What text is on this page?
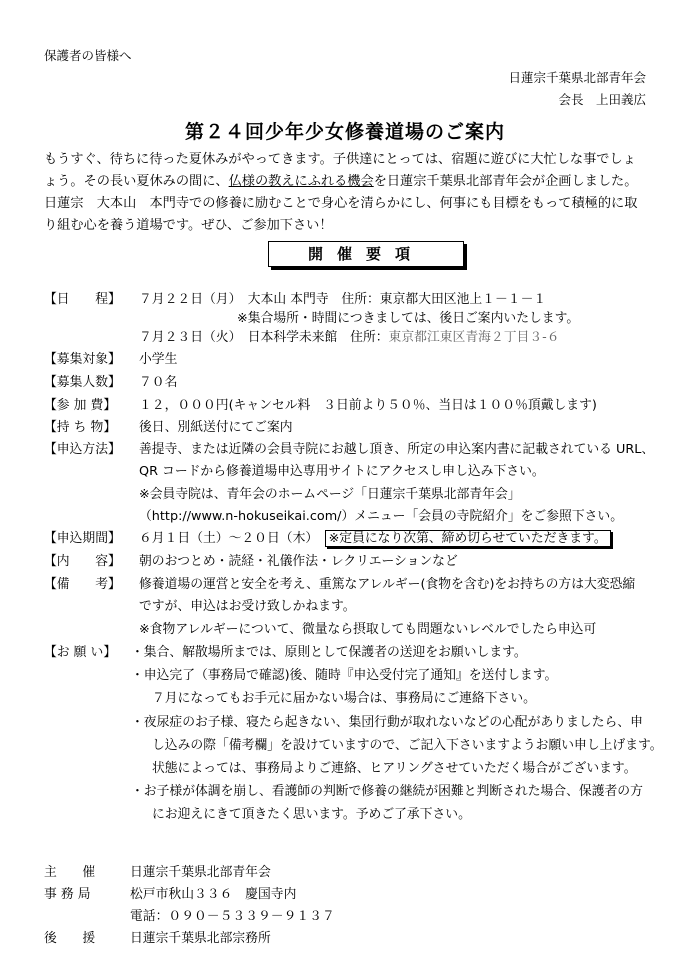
保護者の皆様へ
日蓮宗千葉県北部青年会
会長　上田義広
第２４回少年少女修養道場のご案内

もうすぐ、待ちに待った夏休みがやってきます。子供達にとっては、宿題に遊びに大忙しな事でしょ

ょう。その長い夏休みの間に、仏様の教えにふれる機会を日蓮宗千葉県北部青年会が企画しました。

日蓮宗　大本山　本門寺での修養に励むことで身心を清らかにし、何事にも目標をもって積極的に取

り組む心を養う道場です。ぜひ、ご参加下さい！

開催要項
【日　　程】 ７月２２日（月）　大本山 本門寺　住所：東京都大田区池上１－１－１
※集合場所・時間につきましては、後日ご案内いたします。
７月２３日（火）　日本科学未来館　住所：東京都江東区青海２丁目３-６
【募集対象】 小学生
【募集人数】 ７０名
【参 加 費】 １２，０００円(キャンセル料　３日前より５０％、当日は１００％頂戴します)
【持 ち 物】 後日、別紙送付にてご案内
【申込方法】 善提寺、または近隣の会員寺院にお越し頂き、所定の申込案内書に記載されている URL、
QR コードから修養道場申込専用サイトにアクセスし申し込み下さい。
※会員寺院は、青年会のホームページ「日蓮宗千葉県北部青年会」
（http://www.n-hokuseikai.com/）メニュー「会員の寺院紹介」をご参照下さい。
【申込期間】 ６月１日（土）～２０日（木）　 ※定員になり次第、締め切らせていただきます。
【内　　容】 朝のおつとめ・読経・礼儀作法・レクリエーションなど
【備　　考】 修養道場の運営と安全を考え、重篤なアレルギー(食物を含む)をお持ちの方は大変恐縮
ですが、申込はお受け致しかねます。
※食物アレルギーについて、微量なら摂取しても問題ないレベルでしたら申込可
【お 願 い】 ・集合、解散場所までは、原則として保護者の送迎をお願いします。
・申込完了（事務局で確認)後、随時『申込受付完了通知』を送付します。
７月になってもお手元に届かない場合は、事務局にご連絡下さい。
・夜尿症のお子様、寝たら起きない、集団行動が取れないなどの心配がありましたら、申
し込みの際「備考欄」を設けていますので、ご記入下さいますようお願い申し上げます。
状態によっては、事務局よりご連絡、ヒアリングさせていただく場合がございます。
・お子様が体調を崩し、看護師の判断で修養の継続が困難と判断された場合、保護者の方
にお迎えにきて頂きたく思います。予めご了承下さい。
主　　催	日蓮宗千葉県北部青年会
事 務 局	松戸市秋山３３６　慶国寺内
電話：０９０－５３３９－９１３７
後　　援	日蓮宗千葉県北部宗務所
